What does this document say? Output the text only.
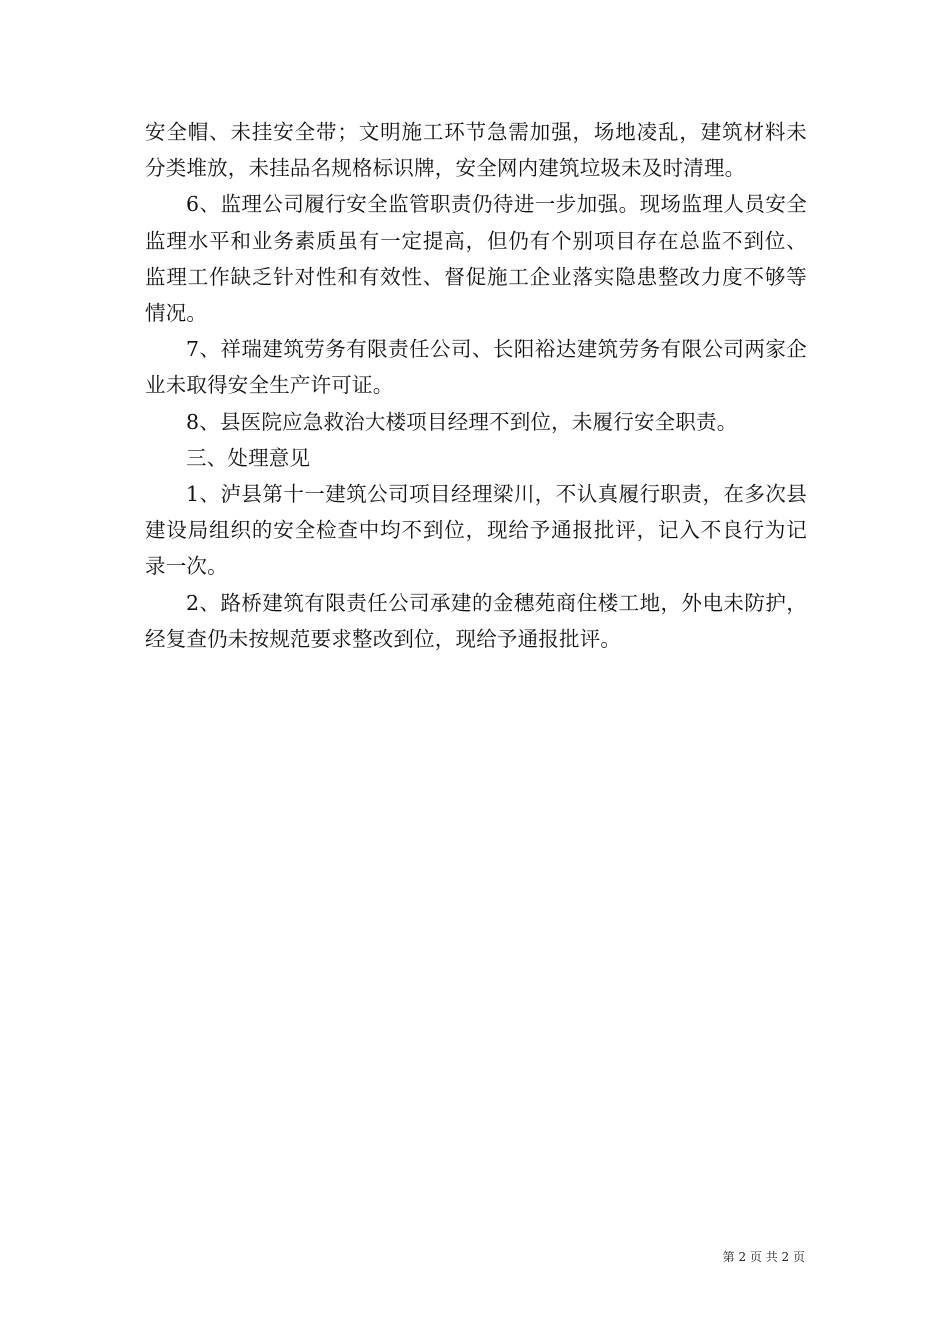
安全帽、未挂安全带；文明施工环节急需加强，场地凌乱，建筑材料未分类堆放，未挂品名规格标识牌，安全网内建筑垃圾未及时清理。

6、监理公司履行安全监管职责仍待进一步加强。现场监理人员安全监理水平和业务素质虽有一定提高，但仍有个别项目存在总监不到位、监理工作缺乏针对性和有效性、督促施工企业落实隐患整改力度不够等情况。

7、祥瑞建筑劳务有限责任公司、长阳裕达建筑劳务有限公司两家企业未取得安全生产许可证。

8、县医院应急救治大楼项目经理不到位，未履行安全职责。

三、处理意见

1、泸县第十一建筑公司项目经理梁川，不认真履行职责，在多次县建设局组织的安全检查中均不到位，现给予通报批评，记入不良行为记录一次。

2、路桥建筑有限责任公司承建的金穗苑商住楼工地，外电未防护，经复查仍未按规范要求整改到位，现给予通报批评。

第 2 页 共 2 页
